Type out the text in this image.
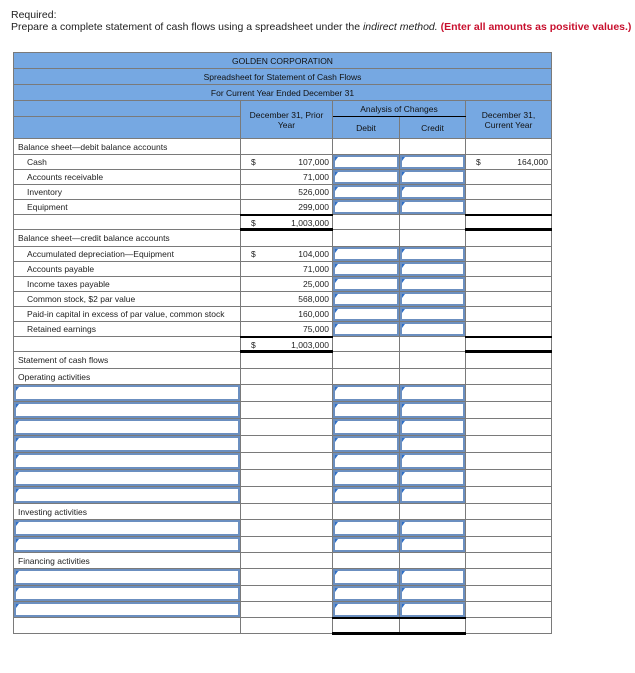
Required:
Prepare a complete statement of cash flows using a spreadsheet under the indirect method. (Enter all amounts as positive values.)
GOLDEN CORPORATION				
Spreadsheet for Statement of Cash Flows				
For Current Year Ended December 31				
	December 31, Prior Year	Analysis of Changes		December 31, Current Year
		Debit	Credit	
Balance sheet—debit balance accounts				
Cash	$ 107,000			$ 164,000

Accounts receivable	71,000			

Inventory	526,000			

Equipment	299,000			

	$ 1,003,000			

Balance sheet—credit balance accounts				
Accumulated depreciation—Equipment	$ 104,000			

Accounts payable	71,000			

Income taxes payable	25,000			

Common stock, $2 par value	568,000			

Paid-in capital in excess of par value, common stock	160,000			

Retained earnings	75,000			

	$ 1,003,000			

Statement of cash flows				
Operating activities				

Investing activities				

Financing activities				
